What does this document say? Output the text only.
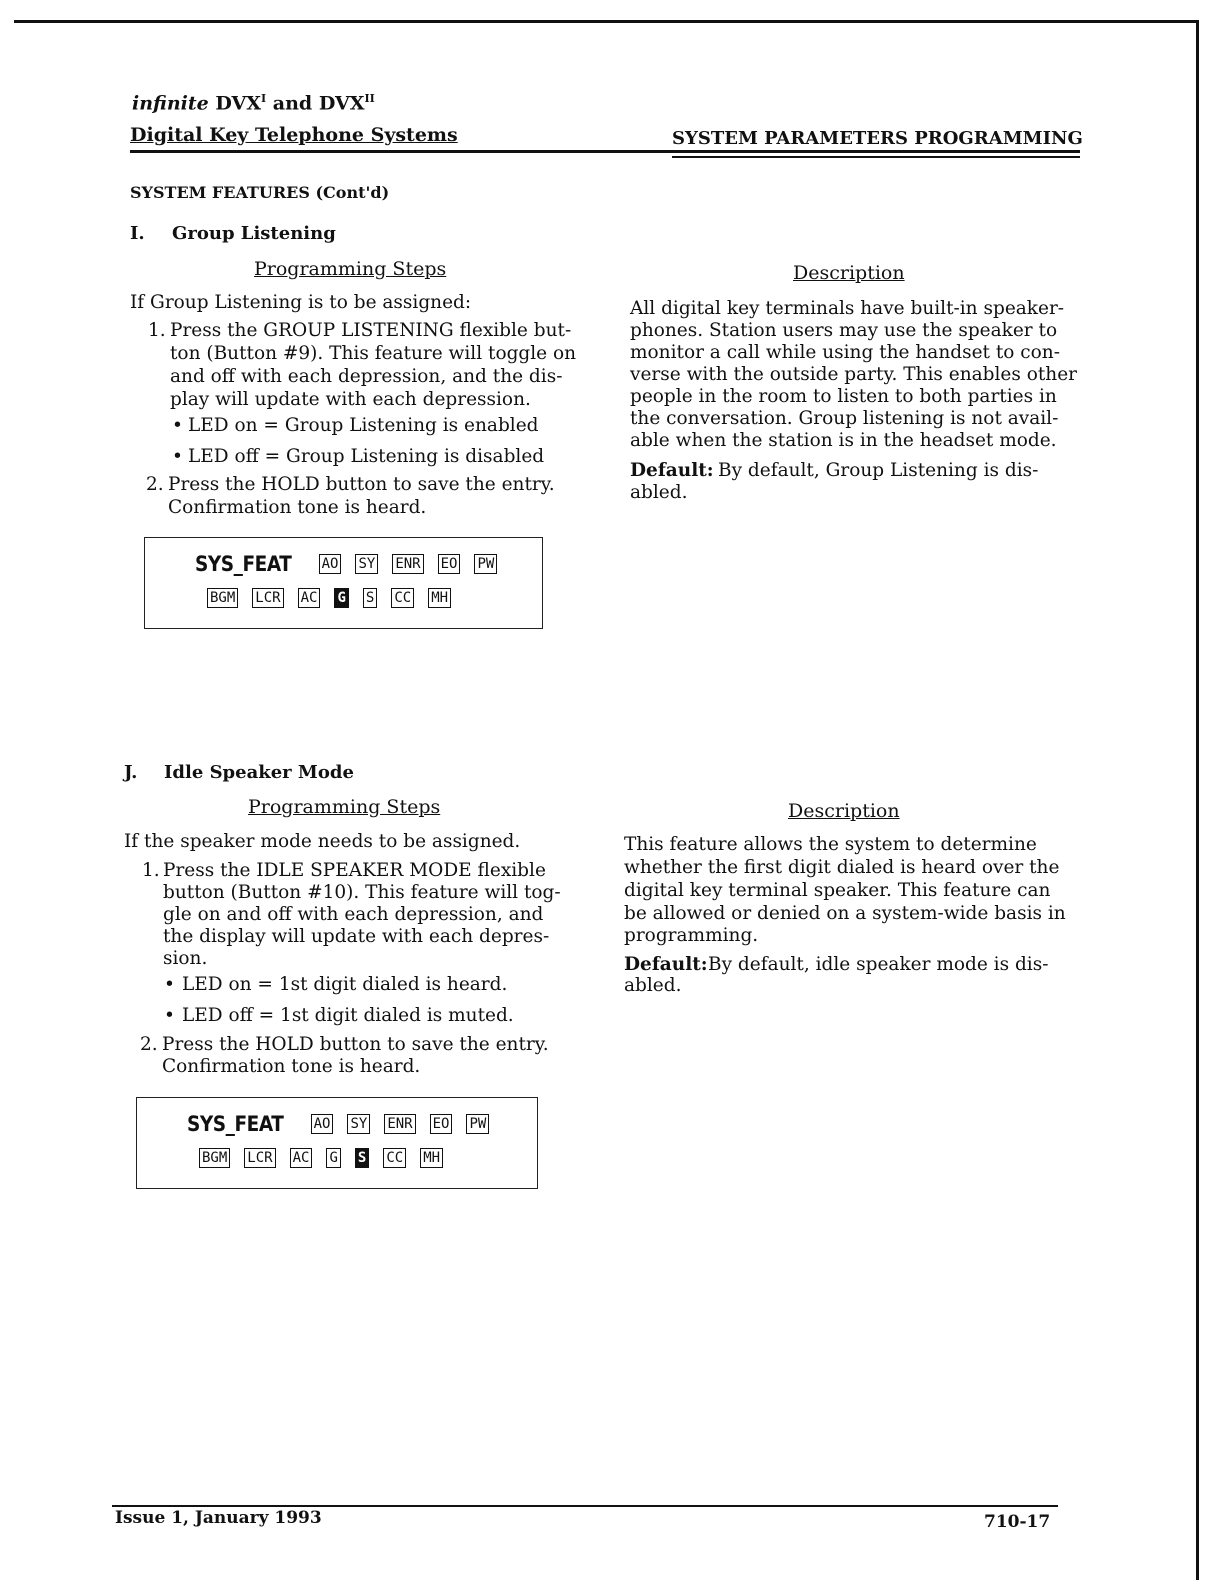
infinite $DVX^I$ and $DVX^{II}$
Digital Key Telephone Systems	SYSTEM PARAMETERS PROGRAMMING
SYSTEM FEATURES (Cont'd)
I. Group Listening
Programming Steps	Description
If Group Listening is to be assigned:
1. Press the GROUP LISTENING flexible but-
ton (Button #9). This feature will toggle on
and off with each depression, and the dis-
play will update with each depression.
• LED on = Group Listening is enabled
• LED off = Group Listening is disabled
2. Press the HOLD button to save the entry.
Confirmation tone is heard.
All digital key terminals have built-in speaker-
phones. Station users may use the speaker to
monitor a call while using the handset to con-
verse with the outside party. This enables other
people in the room to listen to both parties in
the conversation. Group listening is not avail-
able when the station is in the headset mode.
Default: By default, Group Listening is dis-
abled.
SYS_FEAT AO SY ENR EO PW
BGM LCR AC G S CC MH
J. Idle Speaker Mode
Programming Steps	Description
If the speaker mode needs to be assigned.
1. Press the IDLE SPEAKER MODE flexible
button (Button #10). This feature will tog-
gle on and off with each depression, and
the display will update with each depres-
sion.
• LED on = 1st digit dialed is heard.
• LED off = 1st digit dialed is muted.
2. Press the HOLD button to save the entry.
Confirmation tone is heard.
This feature allows the system to determine
whether the first digit dialed is heard over the
digital key terminal speaker. This feature can
be allowed or denied on a system-wide basis in
programming.
Default: By default, idle speaker mode is dis-
abled.
SYS_FEAT AO SY ENR EO PW
BGM LCR AC G S CC MH
Issue 1, January 1993	710-17
